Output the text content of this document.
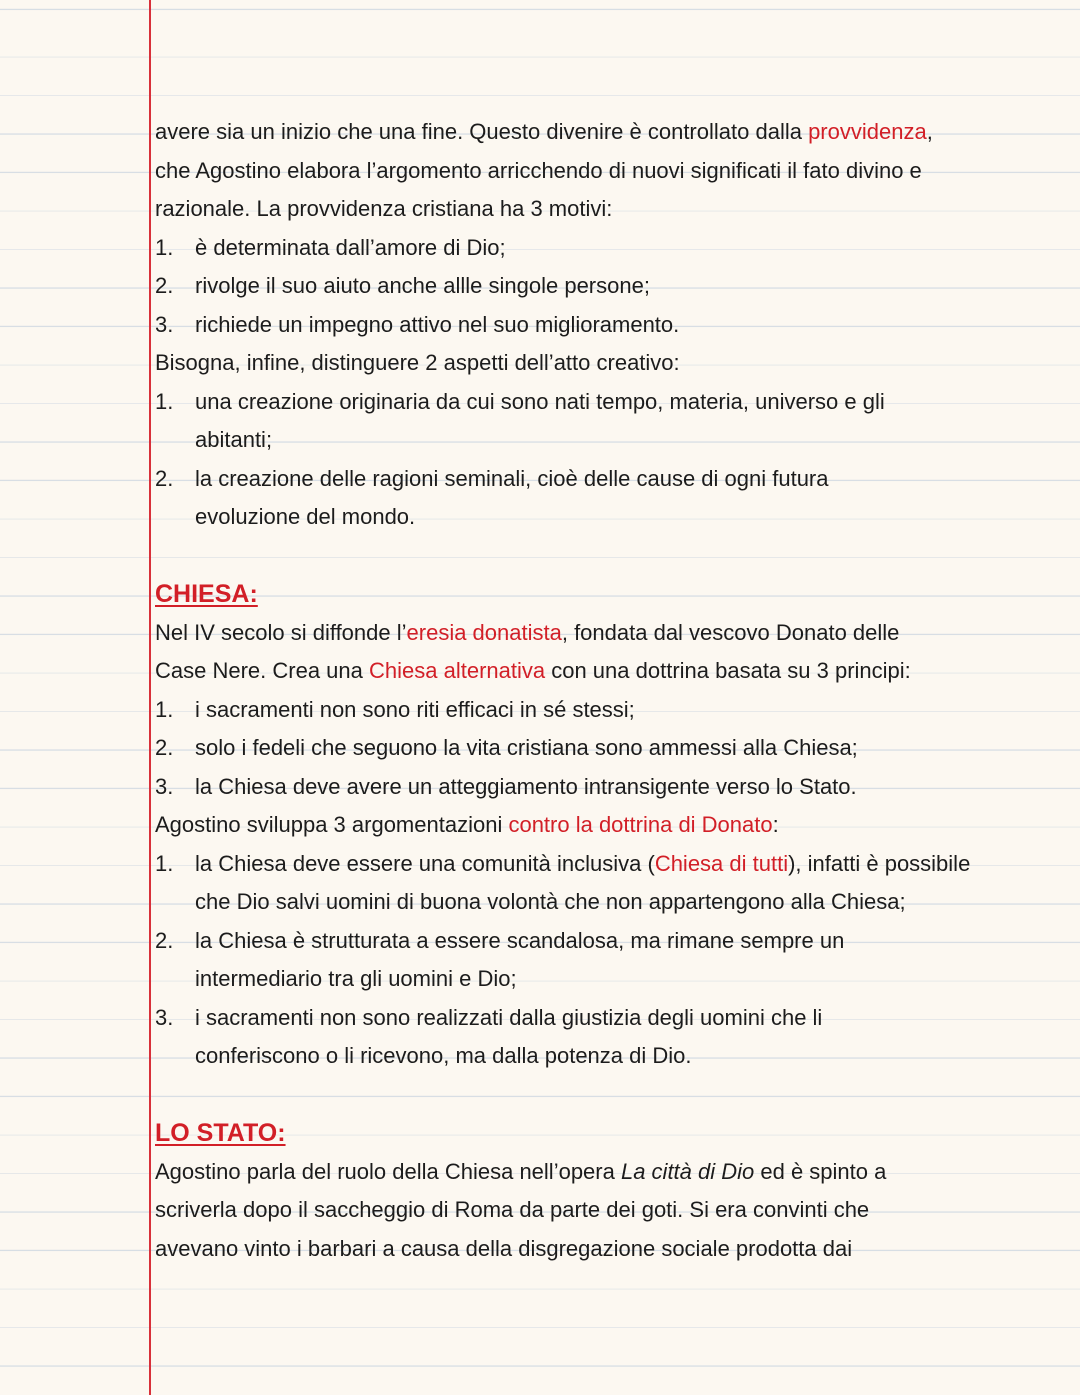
avere sia un inizio che una fine. Questo divenire è controllato dalla provvidenza,
che Agostino elabora l’argomento arricchendo di nuovi significati il fato divino e
razionale. La provvidenza cristiana ha 3 motivi:
1. è determinata dall’amore di Dio;
2. rivolge il suo aiuto anche allle singole persone;
3. richiede un impegno attivo nel suo miglioramento.
Bisogna, infine, distinguere 2 aspetti dell’atto creativo:
1. una creazione originaria da cui sono nati tempo, materia, universo e gli abitanti;
2. la creazione delle ragioni seminali, cioè delle cause di ogni futura evoluzione del mondo.
CHIESA:
Nel IV secolo si diffonde l’eresia donatista, fondata dal vescovo Donato delle
Case Nere. Crea una Chiesa alternativa con una dottrina basata su 3 principi:
1. i sacramenti non sono riti efficaci in sé stessi;
2. solo i fedeli che seguono la vita cristiana sono ammessi alla Chiesa;
3. la Chiesa deve avere un atteggiamento intransigente verso lo Stato.
Agostino sviluppa 3 argomentazioni contro la dottrina di Donato:
1. la Chiesa deve essere una comunità inclusiva (Chiesa di tutti), infatti è possibile che Dio salvi uomini di buona volontà che non appartengono alla Chiesa;
2. la Chiesa è strutturata a essere scandalosa, ma rimane sempre un intermediario tra gli uomini e Dio;
3. i sacramenti non sono realizzati dalla giustizia degli uomini che li conferiscono o li ricevono, ma dalla potenza di Dio.
LO STATO:
Agostino parla del ruolo della Chiesa nell’opera La città di Dio ed è spinto a
scriverla dopo il saccheggio di Roma da parte dei goti. Si era convinti che
avevano vinto i barbari a causa della disgregazione sociale prodotta dai
